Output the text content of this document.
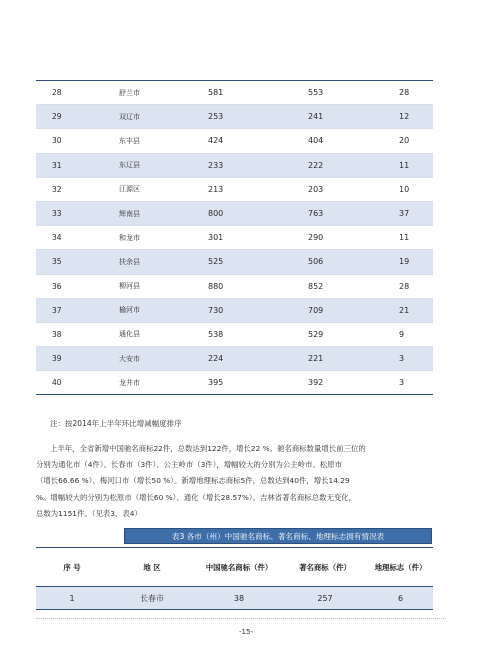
28	舒兰市	581	553	28
29	双辽市	253	241	12
30	东丰县	424	404	20
31	东辽县	233	222	11
32	江源区	213	203	10
33	辉南县	800	763	37
34	和龙市	301	290	11
35	扶余县	525	506	19
36	柳河县	880	852	28
37	榆河市	730	709	21
38	通化县	538	529	9
39	大安市	224	221	3
40	龙井市	395	392	3
注：按2014年上半年环比增减幅度排序

上半年，全省新增中国驰名商标22件，总数达到122件，增长22 %。驰名商标数量增长前三位的

分别为通化市（4件）、长春市（3件）、公主岭市（3件），增幅较大的分别为公主岭市、松原市

（增长66.66 %）、梅河口市（增长50 %）。新增地理标志商标5件，总数达到40件，增长14.29

%。增幅较大的分别为松原市（增长60 %）、通化（增长28.57%）。吉林省著名商标总数无变化，

总数为1151件。（见表3、表4）

表3 各市（州）中国驰名商标、著名商标、地理标志拥有情况表
序 号	地 区	中国驰名商标（件）	著名商标（件）	地理标志（件）
1	长春市	38	257	6
-15-
